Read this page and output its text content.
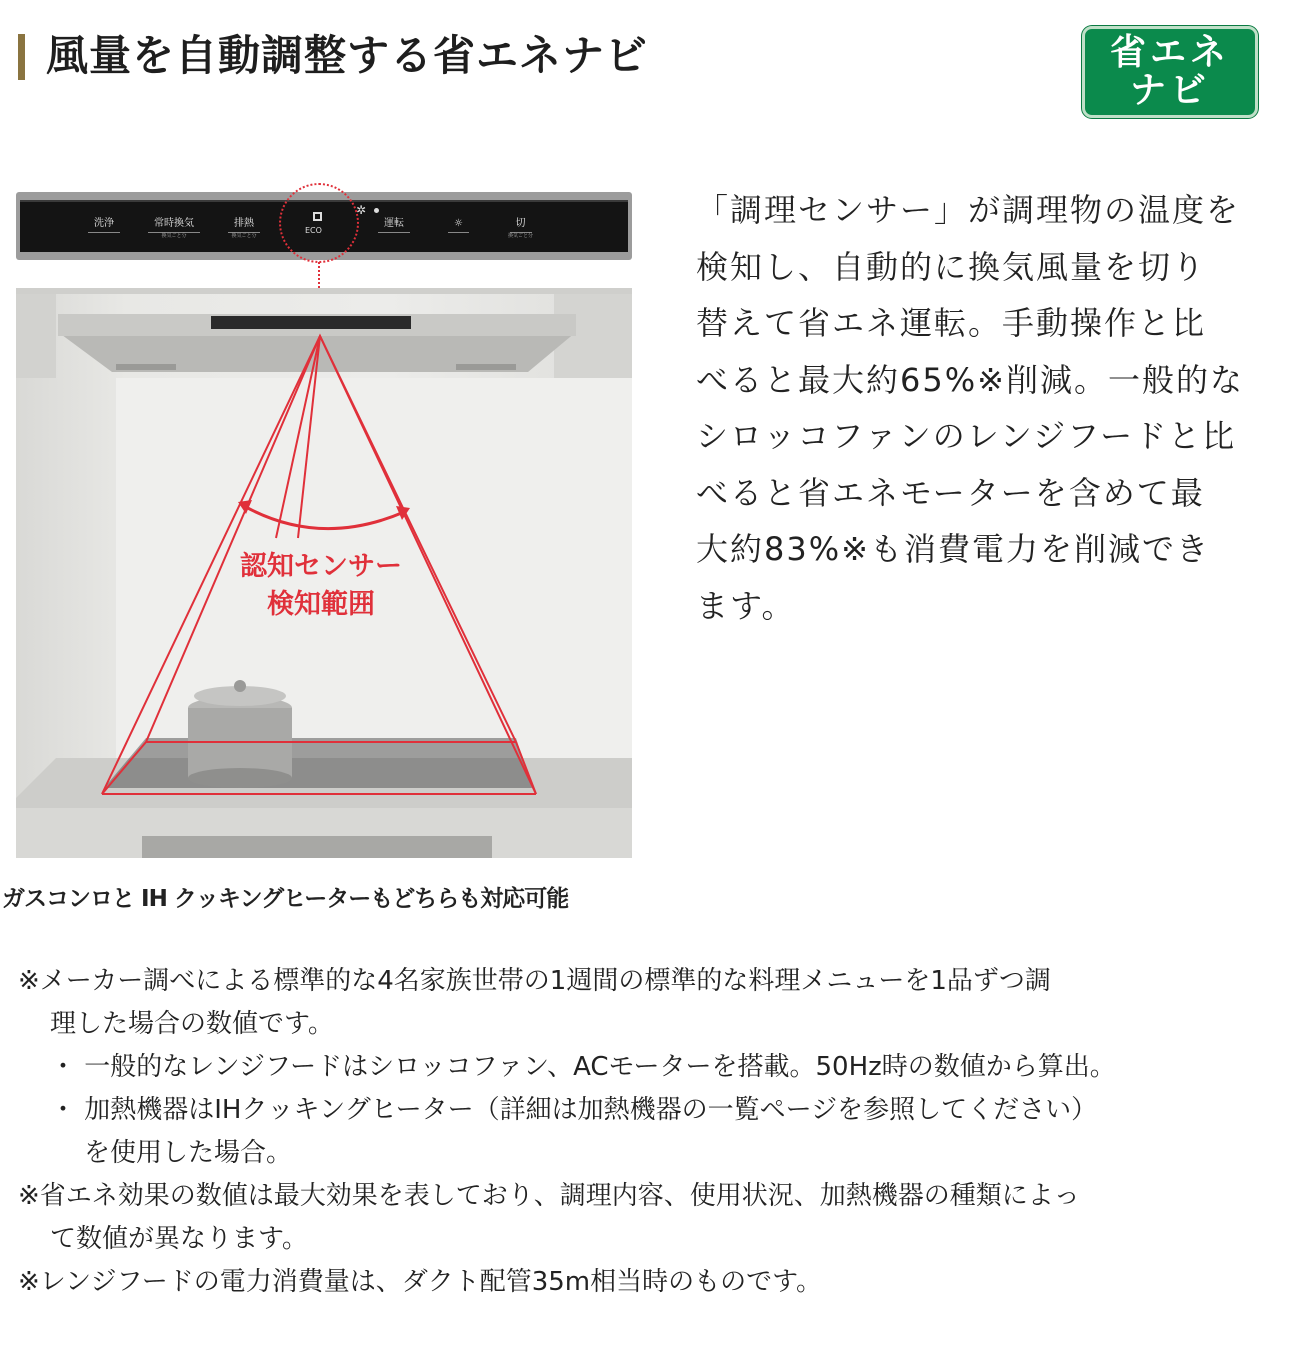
風量を自動調整する省エネナビ	省エネ
ナビ
洗浄	常時換気
換気ごと分
排熱
換気ごと分
運転	☼	切
換気ごと分
ECO
✲
認知センサー
検知範囲
ガスコンロと IH クッキングヒーターもどちらも対応可能
「調理センサー」が調理物の温度を
検知し、自動的に換気風量を切り
替えて省エネ運転。手動操作と比
べると最大約65%※削減。一般的な
シロッコファンのレンジフードと比
べると省エネモーターを含めて最
大約83%※も消費電力を削減でき
ます。
※メーカー調べによる標準的な4名家族世帯の1週間の標準的な料理メニューを1品ずつ調
理した場合の数値です。
・ 一般的なレンジフードはシロッコファン、ACモーターを搭載。50Hz時の数値から算出。
・ 加熱機器はIHクッキングヒーター（詳細は加熱機器の一覧ページを参照してください）
を使用した場合。
※省エネ効果の数値は最大効果を表しており、調理内容、使用状況、加熱機器の種類によっ
て数値が異なります。
※レンジフードの電力消費量は、ダクト配管35m相当時のものです。
